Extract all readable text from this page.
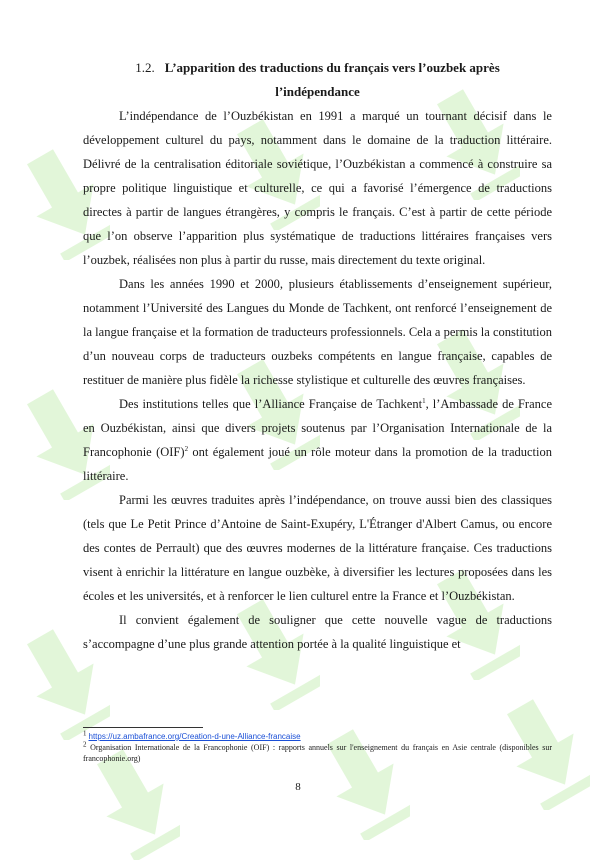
1.2. L’apparition des traductions du français vers l’ouzbek après
l’indépendance

L’indépendance de l’Ouzbékistan en 1991 a marqué un tournant décisif dans le développement culturel du pays, notamment dans le domaine de la traduction littéraire. Délivré de la centralisation éditoriale soviétique, l’Ouzbékistan a commencé à construire sa propre politique linguistique et culturelle, ce qui a favorisé l’émergence de traductions directes à partir de langues étrangères, y compris le français. C’est à partir de cette période que l’on observe l’apparition plus systématique de traductions littéraires françaises vers l’ouzbek, réalisées non plus à partir du russe, mais directement du texte original.

Dans les années 1990 et 2000, plusieurs établissements d’enseignement supérieur, notamment l’Université des Langues du Monde de Tachkent, ont renforcé l’enseignement de la langue française et la formation de traducteurs professionnels. Cela a permis la constitution d’un nouveau corps de traducteurs ouzbeks compétents en langue française, capables de restituer de manière plus fidèle la richesse stylistique et culturelle des œuvres françaises.

Des institutions telles que l’Alliance Française de Tachkent$^1$, l’Ambassade de France en Ouzbékistan, ainsi que divers projets soutenus par l’Organisation Internationale de la Francophonie (OIF)$^2$ ont également joué un rôle moteur dans la promotion de la traduction littéraire.

Parmi les œuvres traduites après l’indépendance, on trouve aussi bien des classiques (tels que Le Petit Prince d’Antoine de Saint-Exupéry, L'Étranger d'Albert Camus, ou encore des contes de Perrault) que des œuvres modernes de la littérature française. Ces traductions visent à enrichir la littérature en langue ouzbèke, à diversifier les lectures proposées dans les écoles et les universités, et à renforcer le lien culturel entre la France et l’Ouzbékistan.

Il convient également de souligner que cette nouvelle vague de traductions s’accompagne d’une plus grande attention portée à la qualité linguistique et

$^1$ https://uz.ambafrance.org/Creation-d-une-Alliance-francaise
$^2$ Organisation Internationale de la Francophonie (OIF) : rapports annuels sur l'enseignement du français en Asie centrale (disponibles sur francophonie.org)
8
